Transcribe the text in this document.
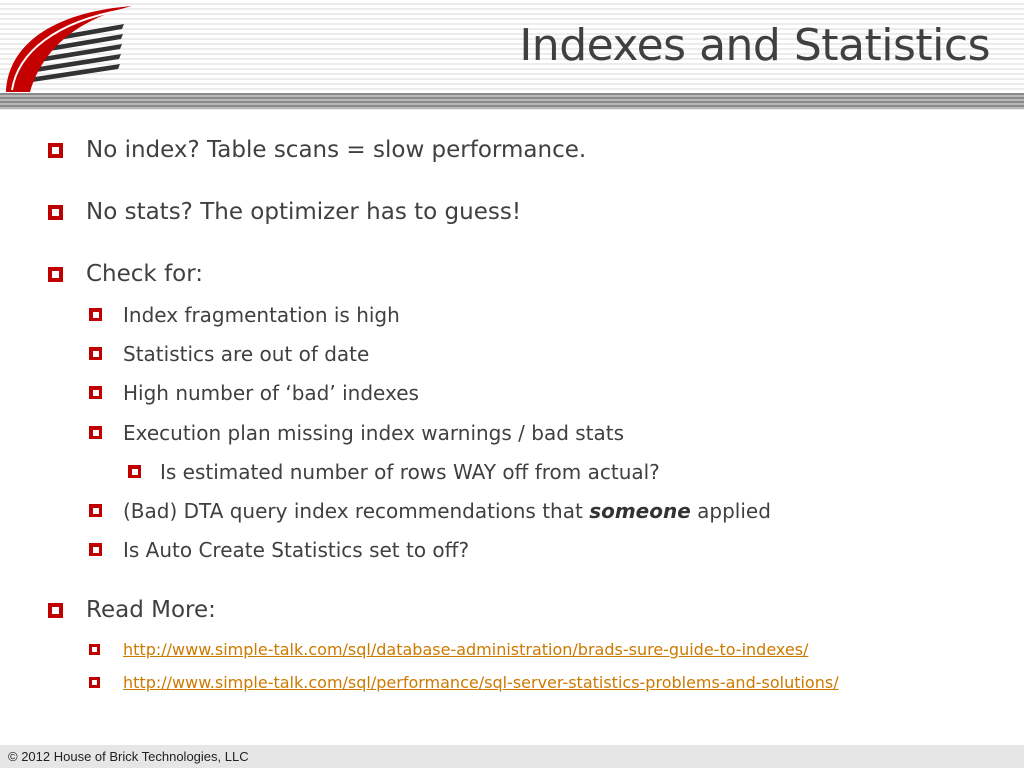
Indexes and Statistics
No index? Table scans = slow performance.
No stats? The optimizer has to guess!
Check for:
Index fragmentation is high
Statistics are out of date
High number of ‘bad’ indexes
Execution plan missing index warnings / bad stats
Is estimated number of rows WAY off from actual?
(Bad) DTA query index recommendations that someone applied
Is Auto Create Statistics set to off?
Read More:
http://www.simple-talk.com/sql/database-administration/brads-sure-guide-to-indexes/
http://www.simple-talk.com/sql/performance/sql-server-statistics-problems-and-solutions/
© 2012 House of Brick Technologies, LLC
